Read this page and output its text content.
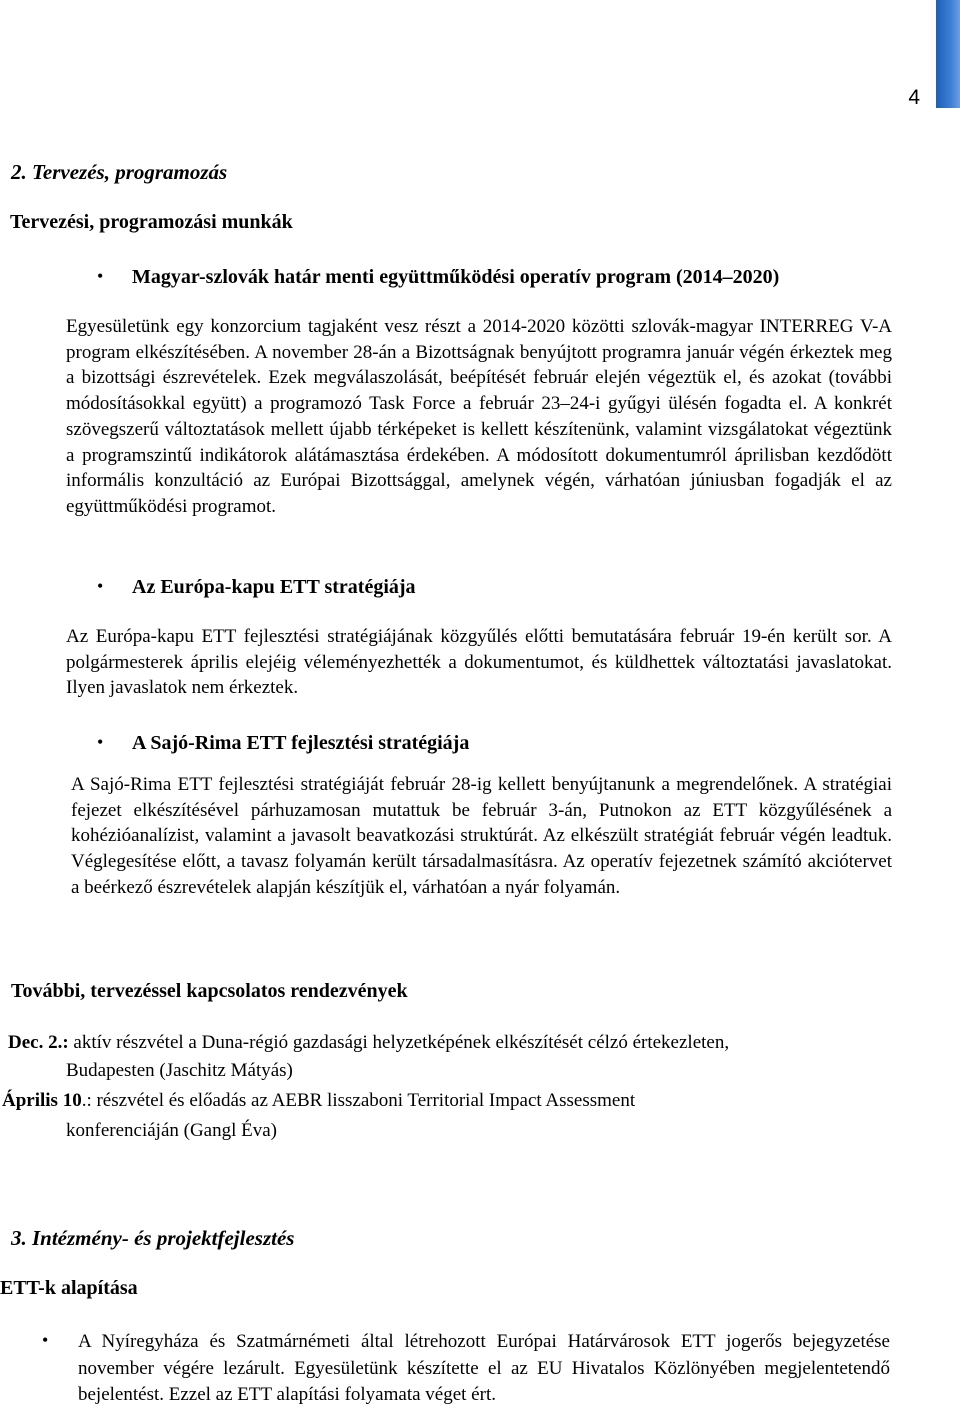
4
2. Tervezés, programozás
Tervezési, programozási munkák
• Magyar-szlovák határ menti együttműködési operatív program (2014–2020)
Egyesületünk egy konzorcium tagjaként vesz részt a 2014-2020 közötti szlovák-magyar INTERREG V-A program elkészítésében. A november 28-án a Bizottságnak benyújtott programra január végén érkeztek meg a bizottsági észrevételek. Ezek megválaszolását, beépítését február elején végeztük el, és azokat (további módosításokkal együtt) a programozó Task Force a február 23–24-i gyűgyi ülésén fogadta el. A konkrét szövegszerű változtatások mellett újabb térképeket is kellett készítenünk, valamint vizsgálatokat végeztünk a programszintű indikátorok alátámasztása érdekében. A módosított dokumentumról áprilisban kezdődött informális konzultáció az Európai Bizottsággal, amelynek végén, várhatóan júniusban fogadják el az együttműködési programot.
• Az Európa-kapu ETT stratégiája
Az Európa-kapu ETT fejlesztési stratégiájának közgyűlés előtti bemutatására február 19-én került sor. A polgármesterek április elejéig véleményezhették a dokumentumot, és küldhettek változtatási javaslatokat. Ilyen javaslatok nem érkeztek.
• A Sajó-Rima ETT fejlesztési stratégiája
A Sajó-Rima ETT fejlesztési stratégiáját február 28-ig kellett benyújtanunk a megrendelőnek. A stratégiai fejezet elkészítésével párhuzamosan mutattuk be február 3-án, Putnokon az ETT közgyűlésének a kohézióanalízist, valamint a javasolt beavatkozási struktúrát. Az elkészült stratégiát február végén leadtuk. Véglegesítése előtt, a tavasz folyamán került társadalmasításra. Az operatív fejezetnek számító akciótervet a beérkező észrevételek alapján készítjük el, várhatóan a nyár folyamán.
További, tervezéssel kapcsolatos rendezvények
Dec. 2.: aktív részvétel a Duna-régió gazdasági helyzetképének elkészítését célzó értekezleten,
Budapesten (Jaschitz Mátyás)
Április 10.: részvétel és előadás az AEBR lisszaboni Territorial Impact Assessment
konferenciáján (Gangl Éva)
3. Intézmény- és projektfejlesztés
ETT-k alapítása
• A Nyíregyháza és Szatmárnémeti által létrehozott Európai Határvárosok ETT jogerős bejegyzetése november végére lezárult. Egyesületünk készítette el az EU Hivatalos Közlönyében megjelentetendő bejelentést. Ezzel az ETT alapítási folyamata véget ért.
